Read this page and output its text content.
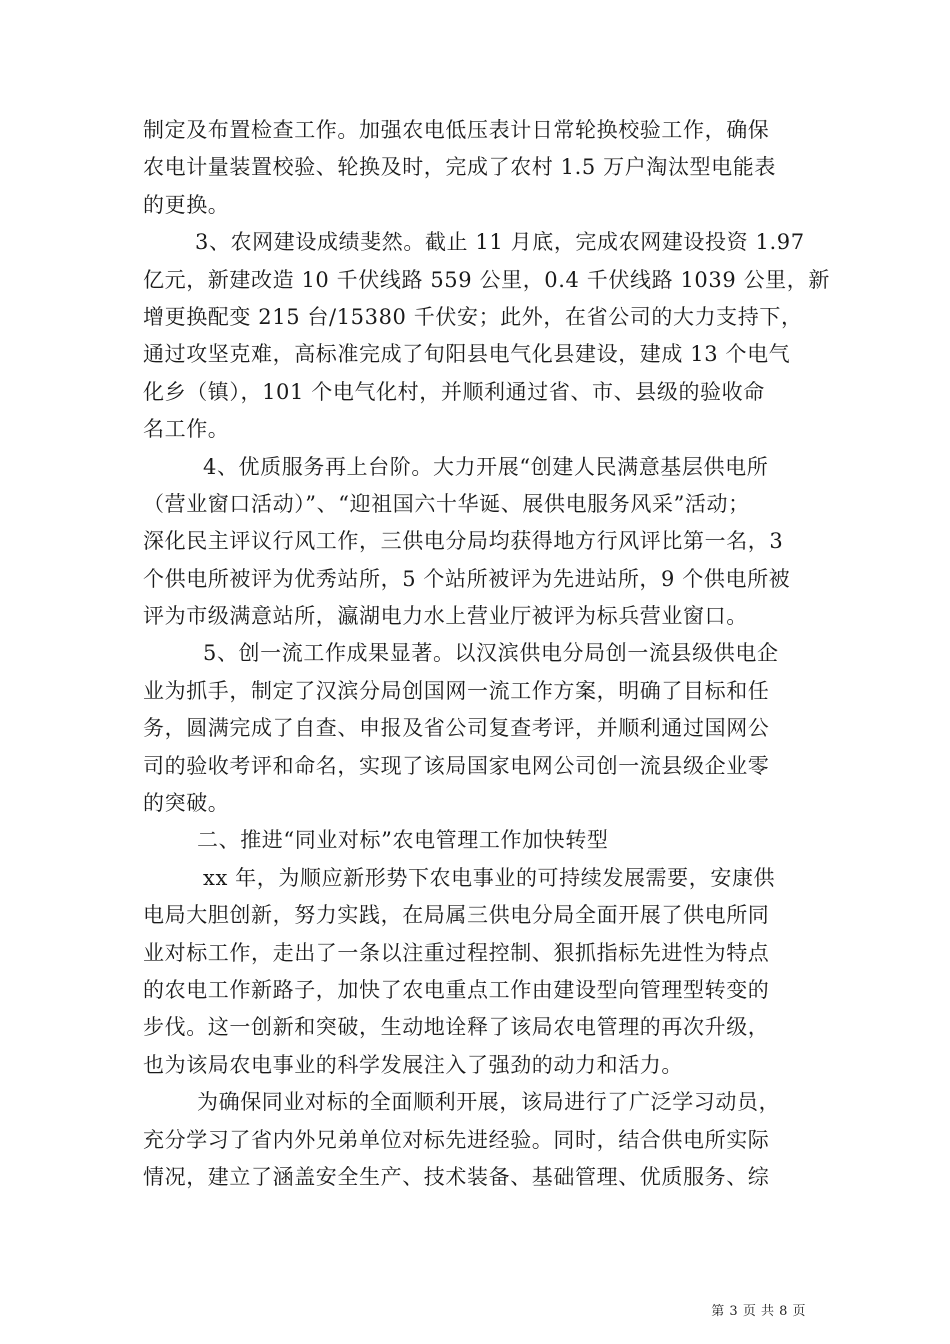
制定及布置检查工作。加强农电低压表计日常轮换校验工作，确保
农电计量装置校验、轮换及时，完成了农村 1.5 万户淘汰型电能表
的更换。
3、农网建设成绩斐然。截止 11 月底，完成农网建设投资 1.97
亿元，新建改造 10 千伏线路 559 公里，0.4 千伏线路 1039 公里，新
增更换配变 215 台/15380 千伏安；此外，在省公司的大力支持下，
通过攻坚克难，高标准完成了旬阳县电气化县建设，建成 13 个电气
化乡（镇），101 个电气化村，并顺利通过省、市、县级的验收命
名工作。
4、优质服务再上台阶。大力开展“创建人民满意基层供电所
（营业窗口活动）”、“迎祖国六十华诞、展供电服务风采”活动；
深化民主评议行风工作，三供电分局均获得地方行风评比第一名，3
个供电所被评为优秀站所，5 个站所被评为先进站所，9 个供电所被
评为市级满意站所，瀛湖电力水上营业厅被评为标兵营业窗口。
5、创一流工作成果显著。以汉滨供电分局创一流县级供电企
业为抓手，制定了汉滨分局创国网一流工作方案，明确了目标和任
务，圆满完成了自查、申报及省公司复查考评，并顺利通过国网公
司的验收考评和命名，实现了该局国家电网公司创一流县级企业零
的突破。
二、推进“同业对标”农电管理工作加快转型
xx 年，为顺应新形势下农电事业的可持续发展需要，安康供
电局大胆创新，努力实践，在局属三供电分局全面开展了供电所同
业对标工作，走出了一条以注重过程控制、狠抓指标先进性为特点
的农电工作新路子，加快了农电重点工作由建设型向管理型转变的
步伐。这一创新和突破，生动地诠释了该局农电管理的再次升级，
也为该局农电事业的科学发展注入了强劲的动力和活力。
为确保同业对标的全面顺利开展，该局进行了广泛学习动员，
充分学习了省内外兄弟单位对标先进经验。同时，结合供电所实际
情况，建立了涵盖安全生产、技术装备、基础管理、优质服务、综
第 3 页 共 8 页
